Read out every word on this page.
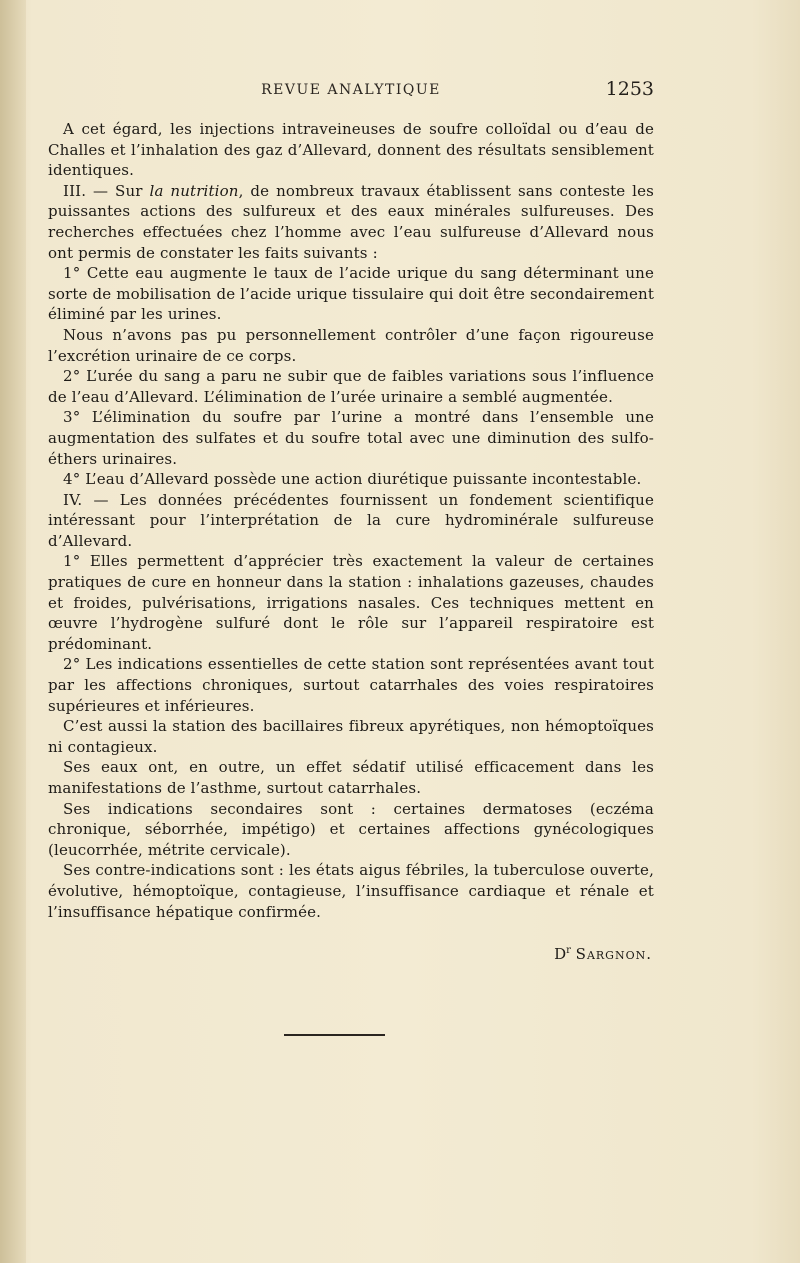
REVUE ANALYTIQUE	1253

A cet égard, les injections intraveineuses de soufre colloïdal ou d’eau de Challes et l’inhalation des gaz d’Allevard, donnent des résultats sensiblement identiques.

III. — Sur la nutrition, de nombreux travaux établissent sans conteste les puissantes actions des sulfureux et des eaux minérales sulfureuses. Des recherches effectuées chez l’homme avec l’eau sulfureuse d’Allevard nous ont permis de constater les faits suivants :

1° Cette eau augmente le taux de l’acide urique du sang déterminant une sorte de mobilisation de l’acide urique tissulaire qui doit être secondairement éliminé par les urines.

Nous n’avons pas pu personnellement contrôler d’une façon rigoureuse l’excrétion urinaire de ce corps.

2° L’urée du sang a paru ne subir que de faibles variations sous l’influence de l’eau d’Allevard. L’élimination de l’urée urinaire a semblé augmentée.

3° L’élimination du soufre par l’urine a montré dans l’ensemble une augmentation des sulfates et du soufre total avec une diminution des sulfo-éthers urinaires.

4° L’eau d’Allevard possède une action diurétique puissante incontestable.

IV. — Les données précédentes fournissent un fondement scientifique intéressant pour l’interprétation de la cure hydrominérale sulfureuse d’Allevard.

1° Elles permettent d’apprécier très exactement la valeur de certaines pratiques de cure en honneur dans la station : inhalations gazeuses, chaudes et froides, pulvérisations, irrigations nasales. Ces techniques mettent en œuvre l’hydrogène sulfuré dont le rôle sur l’appareil respiratoire est prédominant.

2° Les indications essentielles de cette station sont représentées avant tout par les affections chroniques, surtout catarrhales des voies respiratoires supérieures et inférieures.

C’est aussi la station des bacillaires fibreux apyrétiques, non hémoptoïques ni contagieux.

Ses eaux ont, en outre, un effet sédatif utilisé efficacement dans les manifestations de l’asthme, surtout catarrhales.

Ses indications secondaires sont : certaines dermatoses (eczéma chronique, séborrhée, impétigo) et certaines affections gynécologiques (leucorrhée, métrite cervicale).

Ses contre-indications sont : les états aigus fébriles, la tuberculose ouverte, évolutive, hémoptoïque, contagieuse, l’insuffisance cardiaque et rénale et l’insuffisance hépatique confirmée.

$D^r$ Sargnon.
